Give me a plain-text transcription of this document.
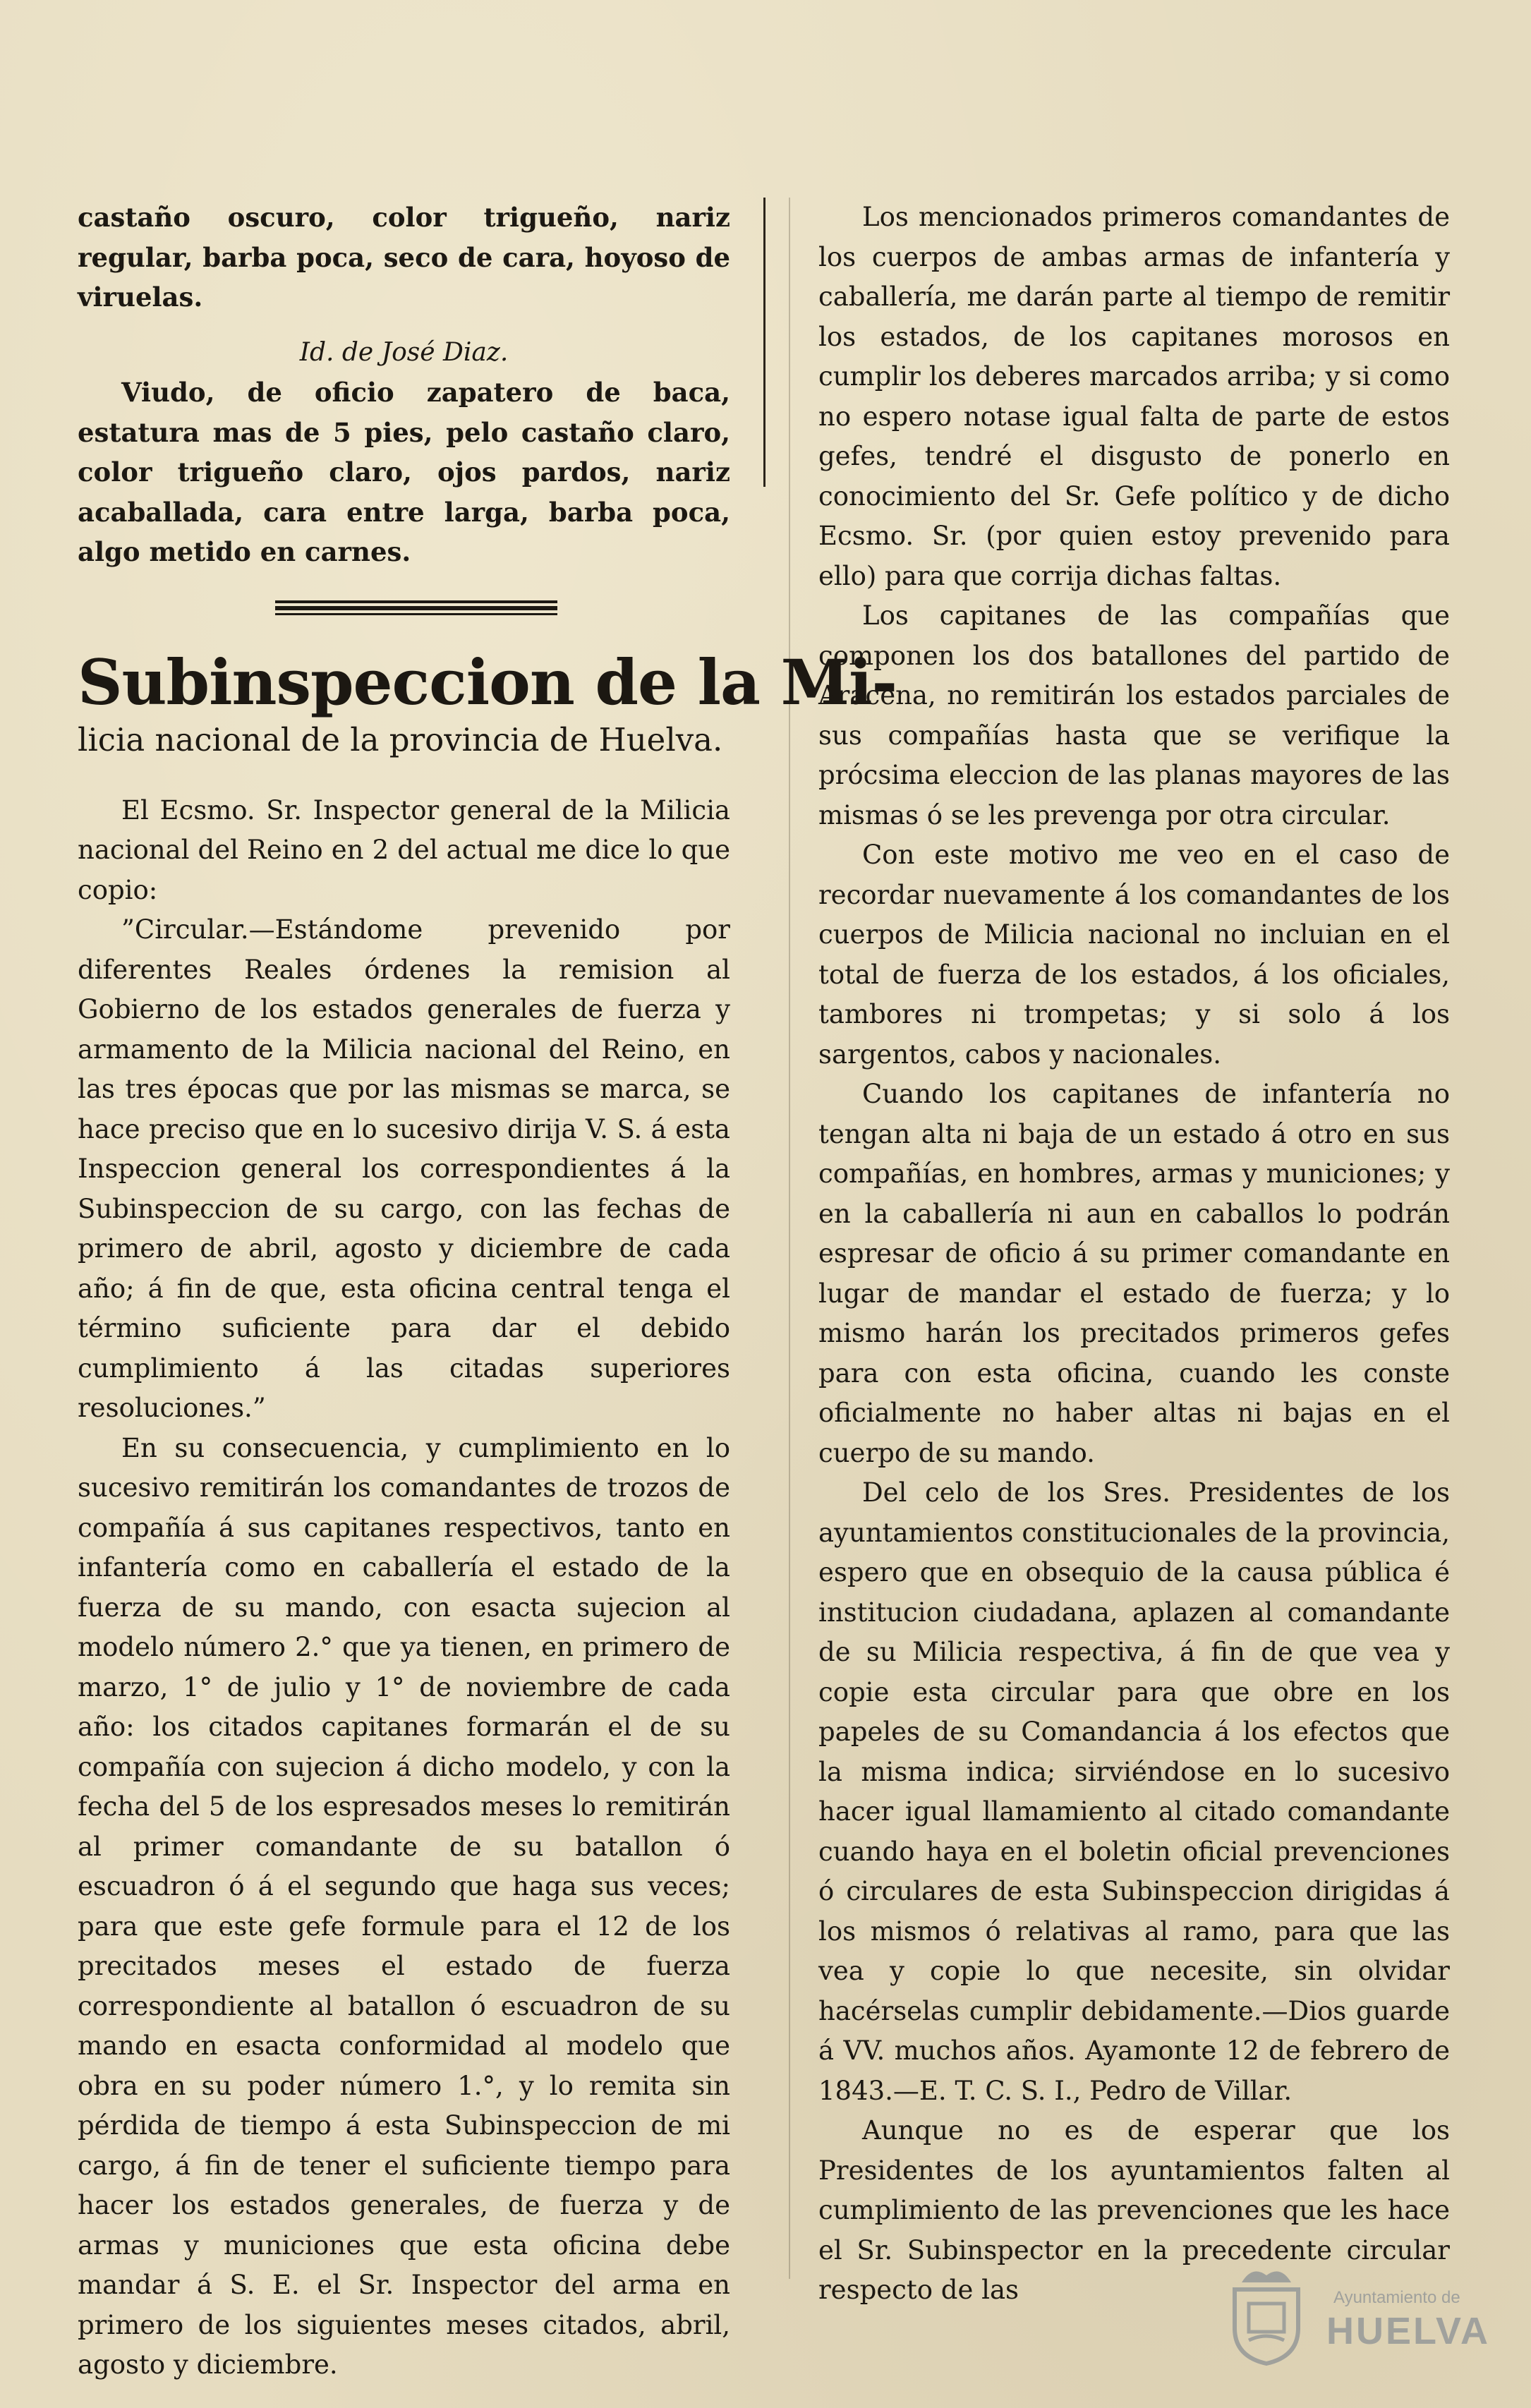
castaño oscuro, color trigueño, nariz regular, barba poca, seco de cara, hoyoso de viruelas.

Id. de José Diaz.

Viudo, de oficio zapatero de baca, estatura mas de 5 pies, pelo castaño claro, color trigueño claro, ojos pardos, nariz acaballada, cara entre larga, barba poca, algo metido en carnes.

Subinspeccion de la Mi-
licia nacional de la provincia de Huelva.

El Ecsmo. Sr. Inspector general de la Milicia nacional del Reino en 2 del actual me dice lo que copio:

”Circular.—Estándome prevenido por diferentes Reales órdenes la remision al Gobierno de los estados generales de fuerza y armamento de la Milicia nacional del Reino, en las tres épocas que por las mismas se marca, se hace preciso que en lo sucesivo dirija V. S. á esta Inspeccion general los correspondientes á la Subinspeccion de su cargo, con las fechas de primero de abril, agosto y diciembre de cada año; á fin de que, esta oficina central tenga el término suficiente para dar el debido cumplimiento á las citadas superiores resoluciones.”

En su consecuencia, y cumplimiento en lo sucesivo remitirán los comandantes de trozos de compañía á sus capitanes respectivos, tanto en infantería como en caballería el estado de la fuerza de su mando, con esacta sujecion al modelo número 2.° que ya tienen, en primero de marzo, 1° de julio y 1° de noviembre de cada año: los citados capitanes formarán el de su compañía con sujecion á dicho modelo, y con la fecha del 5 de los espresados meses lo remitirán al primer comandante de su batallon ó escuadron ó á el segundo que haga sus veces; para que este gefe formule para el 12 de los precitados meses el estado de fuerza correspondiente al batallon ó escuadron de su mando en esacta conformidad al modelo que obra en su poder número 1.°, y lo remita sin pérdida de tiempo á esta Subinspeccion de mi cargo, á fin de tener el suficiente tiempo para hacer los estados generales, de fuerza y de armas y municiones que esta oficina debe mandar á S. E. el Sr. Inspector del arma en primero de los siguientes meses citados, abril, agosto y diciembre.

Los mencionados primeros comandantes de los cuerpos de ambas armas de infantería y caballería, me darán parte al tiempo de remitir los estados, de los capitanes morosos en cumplir los deberes marcados arriba; y si como no espero notase igual falta de parte de estos gefes, tendré el disgusto de ponerlo en conocimiento del Sr. Gefe político y de dicho Ecsmo. Sr. (por quien estoy prevenido para ello) para que corrija dichas faltas.

Los capitanes de las compañías que componen los dos batallones del partido de Aracena, no remitirán los estados parciales de sus compañías hasta que se verifique la prócsima eleccion de las planas mayores de las mismas ó se les prevenga por otra circular.

Con este motivo me veo en el caso de recordar nuevamente á los comandantes de los cuerpos de Milicia nacional no incluian en el total de fuerza de los estados, á los oficiales, tambores ni trompetas; y si solo á los sargentos, cabos y nacionales.

Cuando los capitanes de infantería no tengan alta ni baja de un estado á otro en sus compañías, en hombres, armas y municiones; y en la caballería ni aun en caballos lo podrán espresar de oficio á su primer comandante en lugar de mandar el estado de fuerza; y lo mismo harán los precitados primeros gefes para con esta oficina, cuando les conste oficialmente no haber altas ni bajas en el cuerpo de su mando.

Del celo de los Sres. Presidentes de los ayuntamientos constitucionales de la provincia, espero que en obsequio de la causa pública é institucion ciudadana, aplazen al comandante de su Milicia respectiva, á fin de que vea y copie esta circular para que obre en los papeles de su Comandancia á los efectos que la misma indica; sirviéndose en lo sucesivo hacer igual llamamiento al citado comandante cuando haya en el boletin oficial prevenciones ó circulares de esta Subinspeccion dirigidas á los mismos ó relativas al ramo, para que las vea y copie lo que necesite, sin olvidar hacérselas cumplir debidamente.—Dios guarde á VV. muchos años. Ayamonte 12 de febrero de 1843.—E. T. C. S. I., Pedro de Villar.

Aunque no es de esperar que los Presidentes de los ayuntamientos falten al cumplimiento de las prevenciones que les hace el Sr. Subinspector en la precedente circular respecto de las	Ayuntamiento de
HUELVA
